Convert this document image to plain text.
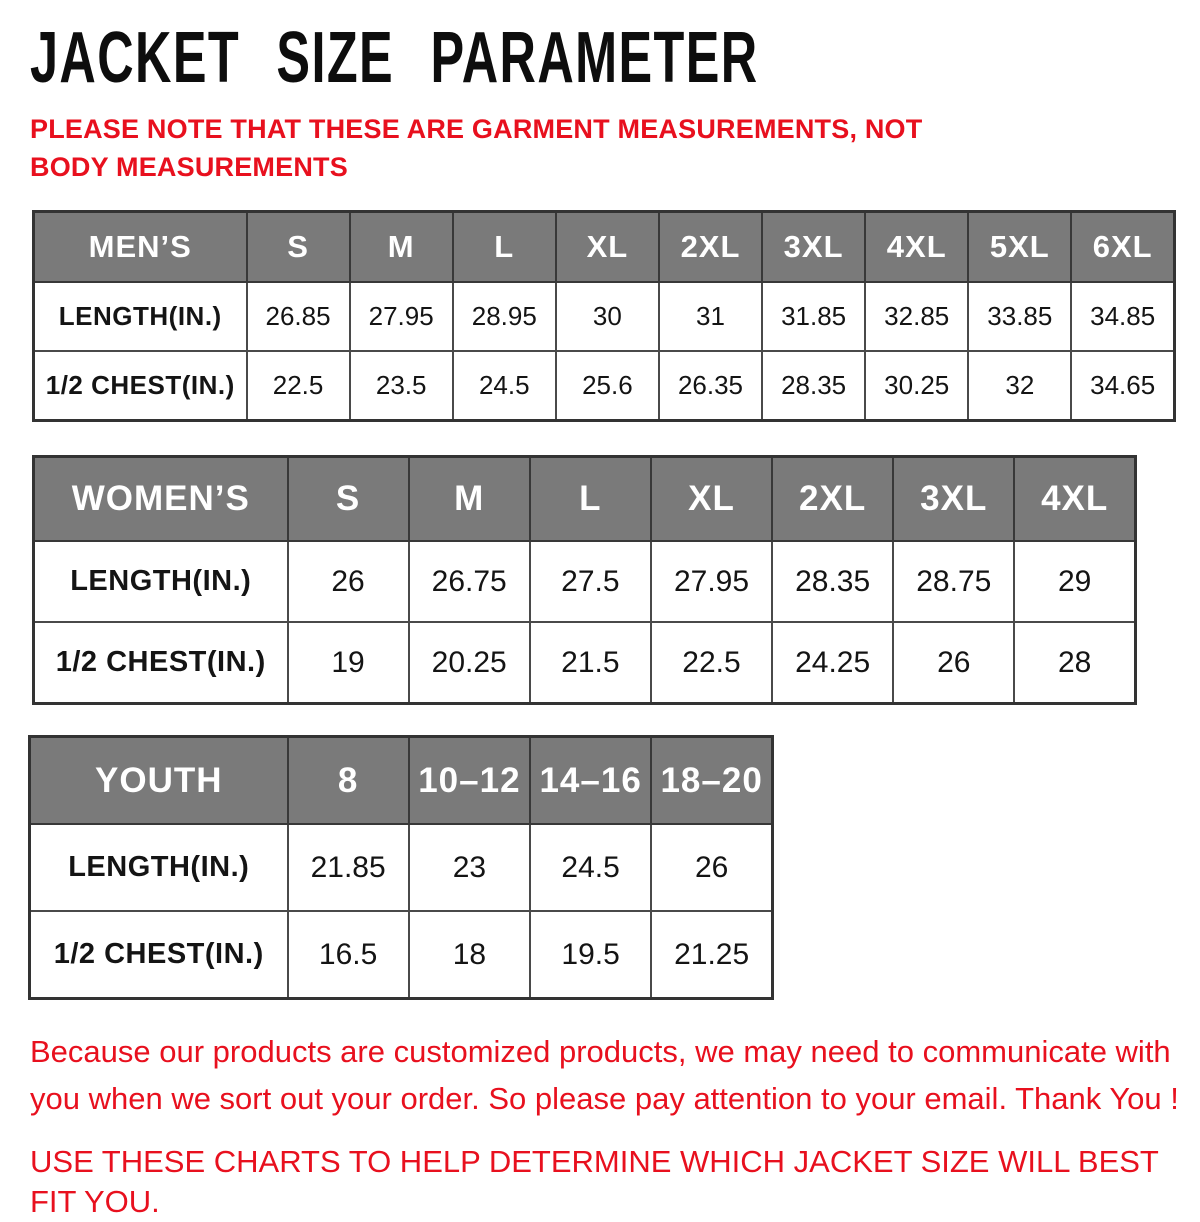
JACKET SIZE PARAMETER

PLEASE NOTE THAT THESE ARE GARMENT MEASUREMENTS, NOT BODY MEASUREMENTS

MEN’S	S	M	L	XL	2XL	3XL	4XL	5XL	6XL
LENGTH(IN.)	26.85	27.95	28.95	30	31	31.85	32.85	33.85	34.85
1/2 CHEST(IN.)	22.5	23.5	24.5	25.6	26.35	28.35	30.25	32	34.65
WOMEN’S	S	M	L	XL	2XL	3XL	4XL
LENGTH(IN.)	26	26.75	27.5	27.95	28.35	28.75	29
1/2 CHEST(IN.)	19	20.25	21.5	22.5	24.25	26	28
YOUTH	8	10–12	14–16	18–20
LENGTH(IN.)	21.85	23	24.5	26
1/2 CHEST(IN.)	16.5	18	19.5	21.25

Because our products are customized products, we may need to communicate with you when we sort out your order. So please pay attention to your email. Thank You !

USE THESE CHARTS TO HELP DETERMINE WHICH JACKET SIZE WILL BEST FIT YOU.
